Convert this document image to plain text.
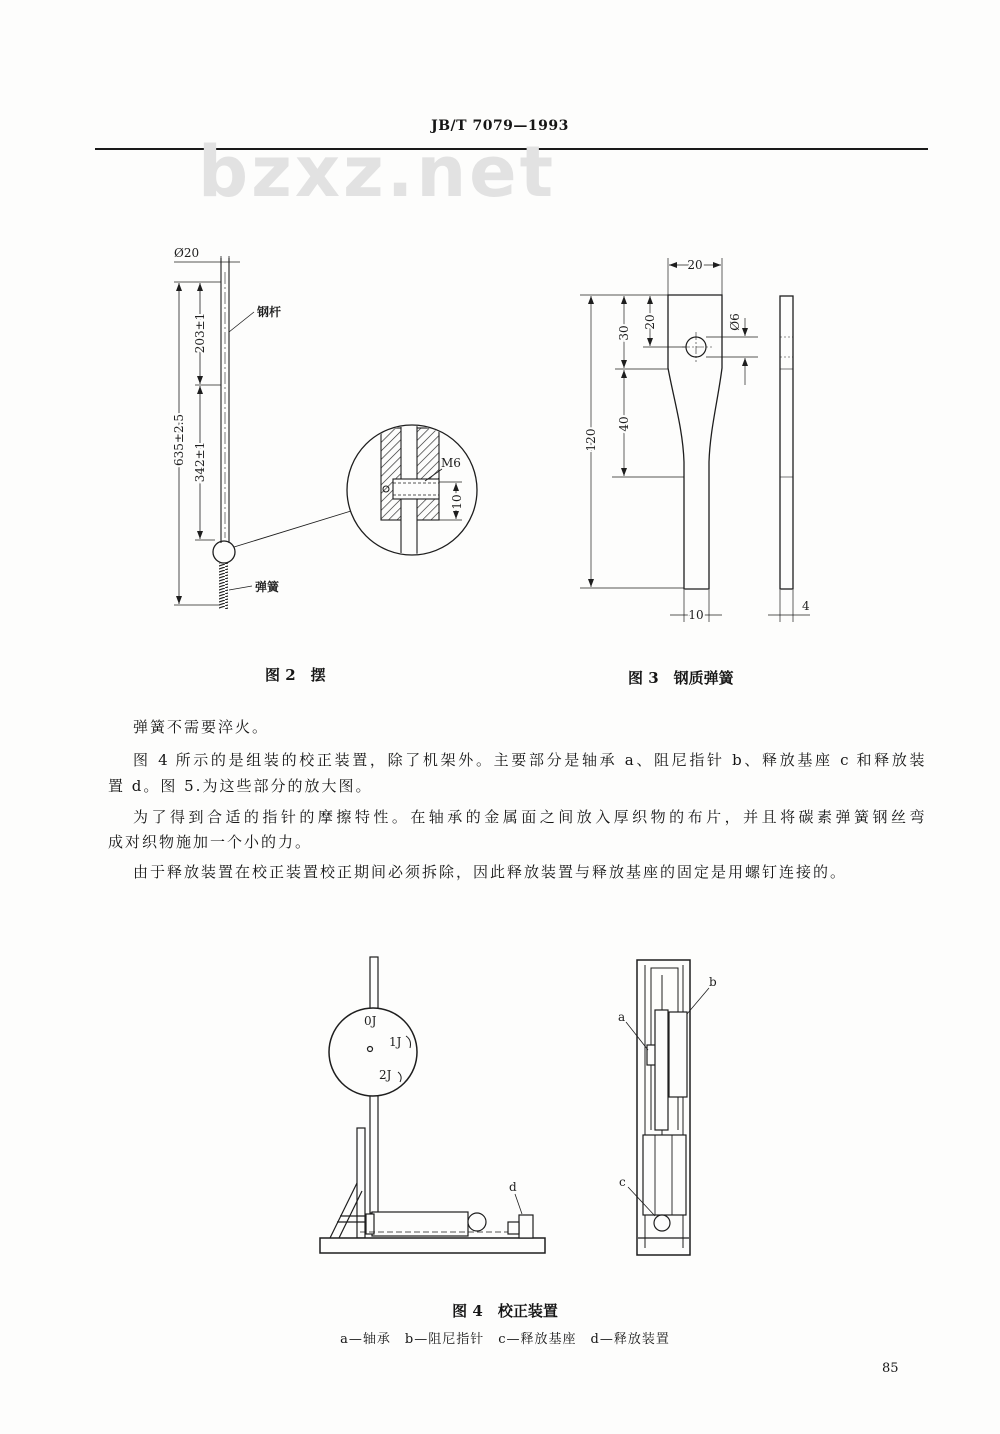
JB/T 7079—1993
bzxz.net
Ø20
钢杆
635±2.5
203±1
342±1
弹簧
M6
10
20
120
30
40
20	Ø6
10
4
0J
1J
2J
d
a
b
c
图 2　摆	图 3　钢质弹簧
弹簧不需要淬火。
图 4 所示的是组装的校正装置，除了机架外。主要部分是轴承 a、阻尼指针 b、释放基座 c 和释放装
置 d。图 5.为这些部分的放大图。
为了得到合适的指针的摩擦特性。在轴承的金属面之间放入厚织物的布片，并且将碳素弹簧钢丝弯
成对织物施加一个小的力。
由于释放装置在校正装置校正期间必须拆除，因此释放装置与释放基座的固定是用螺钉连接的。
图 4　校正装置
a—轴承　b—阻尼指针　c—释放基座　d—释放装置
85
